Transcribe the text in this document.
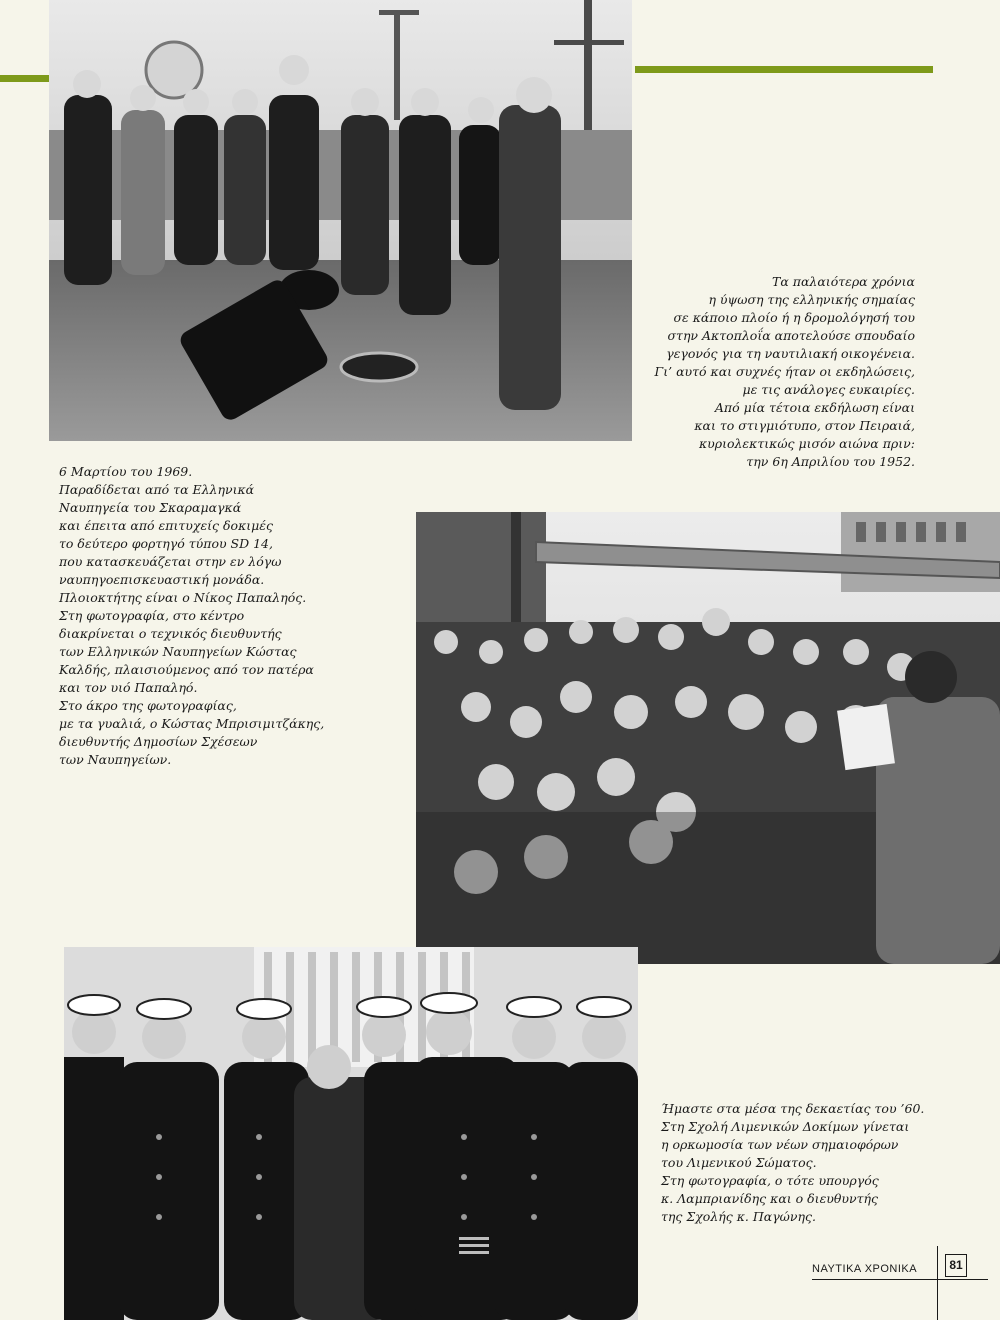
6 Μαρτίου του 1969.

Παραδίδεται από τα Ελληνικά

Ναυπηγεία του Σκαραμαγκά

και έπειτα από επιτυχείς δοκιμές

το δεύτερο φορτηγό τύπου SD 14,

που κατασκευάζεται στην εν λόγω

ναυπηγοεπισκευαστική μονάδα.

Πλοιοκτήτης είναι ο Νίκος Παπαληός.

Στη φωτογραφία, στο κέντρο

διακρίνεται ο τεχνικός διευθυντής

των Ελληνικών Ναυπηγείων Κώστας

Καλδής, πλαισιούμενος από τον πατέρα

και τον υιό Παπαληό.

Στο άκρο της φωτογραφίας,

με τα γυαλιά, ο Κώστας Μπρισιμιτζάκης,

διευθυντής Δημοσίων Σχέσεων

των Ναυπηγείων.

Τα παλαιότερα χρόνια

η ύψωση της ελληνικής σημαίας

σε κάποιο πλοίο ή η δρομολόγησή του

στην Ακτοπλοΐα αποτελούσε σπουδαίο

γεγονός για τη ναυτιλιακή οικογένεια.

Γι’ αυτό και συχνές ήταν οι εκδηλώσεις,

με τις ανάλογες ευκαιρίες.

Από μία τέτοια εκδήλωση είναι

και το στιγμιότυπο, στον Πειραιά,

κυριολεκτικώς μισόν αιώνα πριν:

την 6η Απριλίου του 1952.

Ήμαστε στα μέσα της δεκαετίας του ’60.

Στη Σχολή Λιμενικών Δοκίμων γίνεται

η ορκωμοσία των νέων σημαιοφόρων

του Λιμενικού Σώματος.

Στη φωτογραφία, ο τότε υπουργός

κ. Λαμπριανίδης και ο διευθυντής

της Σχολής κ. Παγώνης.

ΝΑΥΤΙΚΑ ΧΡΟΝΙΚΑ	81
